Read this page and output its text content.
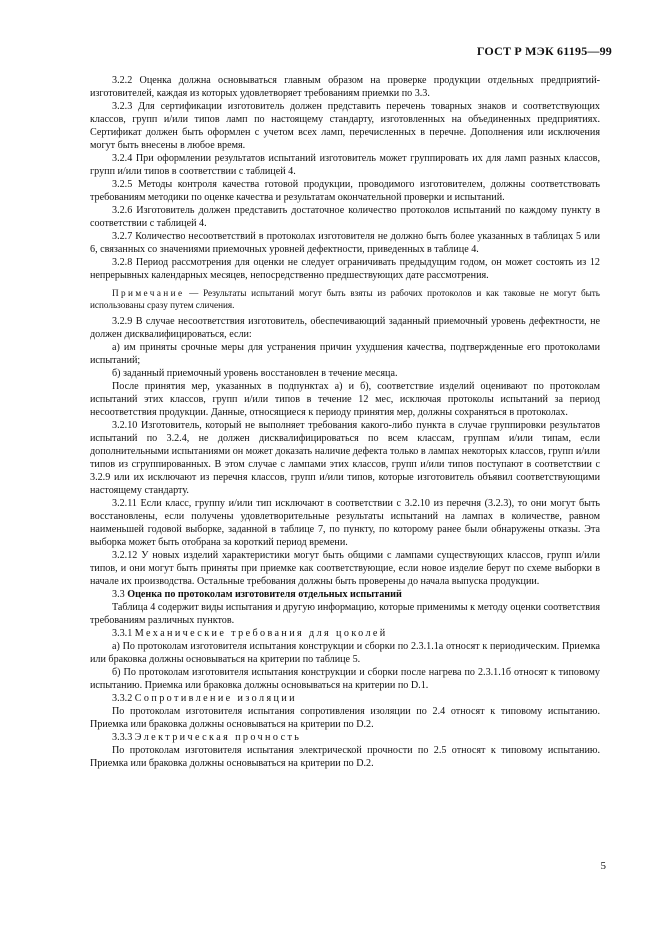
ГОСТ Р МЭК 61195—99

3.2.2 Оценка должна основываться главным образом на проверке продукции отдельных предприятий-изготовителей, каждая из которых удовлетворяет требованиям приемки по 3.3.

3.2.3 Для сертификации изготовитель должен представить перечень товарных знаков и соответствующих классов, групп и/или типов ламп по настоящему стандарту, изготовленных на объединенных предприятиях. Сертификат должен быть оформлен с учетом всех ламп, перечисленных в перечне. Дополнения или исключения могут быть внесены в любое время.

3.2.4 При оформлении результатов испытаний изготовитель может группировать их для ламп разных классов, групп и/или типов в соответствии с таблицей 4.

3.2.5 Методы контроля качества готовой продукции, проводимого изготовителем, должны соответствовать требованиям методики по оценке качества и результатам окончательной проверки и испытаний.

3.2.6 Изготовитель должен представить достаточное количество протоколов испытаний по каждому пункту в соответствии с таблицей 4.

3.2.7 Количество несоответствий в протоколах изготовителя не должно быть более указанных в таблицах 5 или 6, связанных со значениями приемочных уровней дефектности, приведенных в таблице 4.

3.2.8 Период рассмотрения для оценки не следует ограничивать предыдущим годом, он может состоять из 12 непрерывных календарных месяцев, непосредственно предшествующих дате рассмотрения.

Примечание — Результаты испытаний могут быть взяты из рабочих протоколов и как таковые не могут быть использованы сразу путем сличения.

3.2.9 В случае несоответствия изготовитель, обеспечивающий заданный приемочный уровень дефектности, не должен дисквалифицироваться, если:

а) им приняты срочные меры для устранения причин ухудшения качества, подтвержденные его протоколами испытаний;

б) заданный приемочный уровень восстановлен в течение месяца.

После принятия мер, указанных в подпунктах а) и б), соответствие изделий оценивают по протоколам испытаний этих классов, групп и/или типов в течение 12 мес, исключая протоколы испытаний за период несоответствия продукции. Данные, относящиеся к периоду принятия мер, должны сохраняться в протоколах.

3.2.10 Изготовитель, который не выполняет требования какого-либо пункта в случае группировки результатов испытаний по 3.2.4, не должен дисквалифицироваться по всем классам, группам и/или типам, если дополнительными испытаниями он может доказать наличие дефекта только в лампах некоторых классов, групп и/или типов из сгруппированных. В этом случае с лампами этих классов, групп и/или типов поступают в соответствии с 3.2.9 или их исключают из перечня классов, групп и/или типов, которые изготовитель объявил соответствующими настоящему стандарту.

3.2.11 Если класс, группу и/или тип исключают в соответствии с 3.2.10 из перечня (3.2.3), то они могут быть восстановлены, если получены удовлетворительные результаты испытаний на лампах в количестве, равном наименьшей годовой выборке, заданной в таблице 7, по пункту, по которому ранее были обнаружены отказы. Эта выборка может быть отобрана за короткий период времени.

3.2.12 У новых изделий характеристики могут быть общими с лампами существующих классов, групп и/или типов, и они могут быть приняты при приемке как соответствующие, если новое изделие берут по схеме выборки в начале их производства. Остальные требования должны быть проверены до начала выпуска продукции.

3.3 Оценка по протоколам изготовителя отдельных испытаний

Таблица 4 содержит виды испытания и другую информацию, которые применимы к методу оценки соответствия требованиям различных пунктов.

3.3.1 Механические требования для цоколей

а) По протоколам изготовителя испытания конструкции и сборки по 2.3.1.1а относят к периодическим. Приемка или браковка должны основываться на критерии по таблице 5.

б) По протоколам изготовителя испытания конструкции и сборки после нагрева по 2.3.1.1б относят к типовому испытанию. Приемка или браковка должны основываться на критерии по D.1.

3.3.2 Сопротивление изоляции

По протоколам изготовителя испытания сопротивления изоляции по 2.4 относят к типовому испытанию. Приемка или браковка должны основываться на критерии по D.2.

3.3.3 Электрическая прочность

По протоколам изготовителя испытания электрической прочности по 2.5 относят к типовому испытанию. Приемка или браковка должны основываться на критерии по D.2.

5
